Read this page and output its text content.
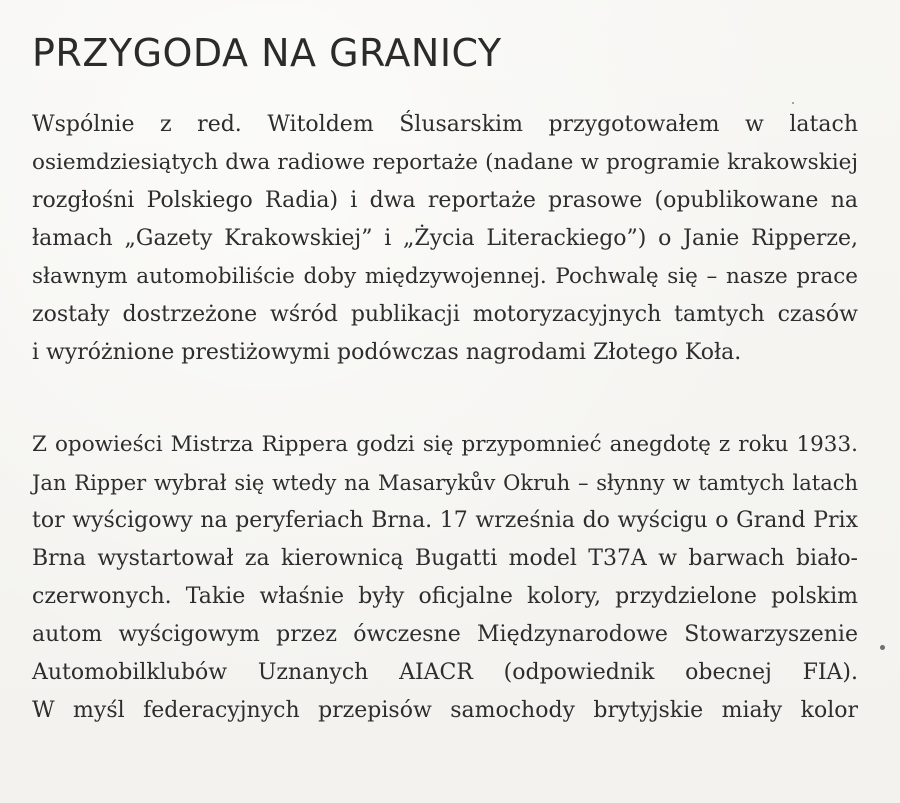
PRZYGODA NA GRANICY
Wspólnie z red. Witoldem Ślusarskim przygotowałem w latach
osiemdziesiątych dwa radiowe reportaże (nadane w programie krakowskiej
rozgłośni Polskiego Radia) i dwa reportaże prasowe (opublikowane na
łamach „Gazety Krakowskiej” i „Życia Literackiego”) o Janie Ripperze,
sławnym automobiliście doby międzywojennej. Pochwalę się – nasze prace
zostały dostrzeżone wśród publikacji motoryzacyjnych tamtych czasów
i wyróżnione prestiżowymi podówczas nagrodami Złotego Koła.
Z opowieści Mistrza Rippera godzi się przypomnieć anegdotę z roku 1933.
Jan Ripper wybrał się wtedy na Masarykův Okruh – słynny w tamtych latach
tor wyścigowy na peryferiach Brna. 17 września do wyścigu o Grand Prix
Brna wystartował za kierownicą Bugatti model T37A w barwach biało-
czerwonych. Takie właśnie były oficjalne kolory, przydzielone polskim
autom wyścigowym przez ówczesne Międzynarodowe Stowarzyszenie
Automobilklubów Uznanych AIACR (odpowiednik obecnej FIA).
W myśl federacyjnych przepisów samochody brytyjskie miały kolor
